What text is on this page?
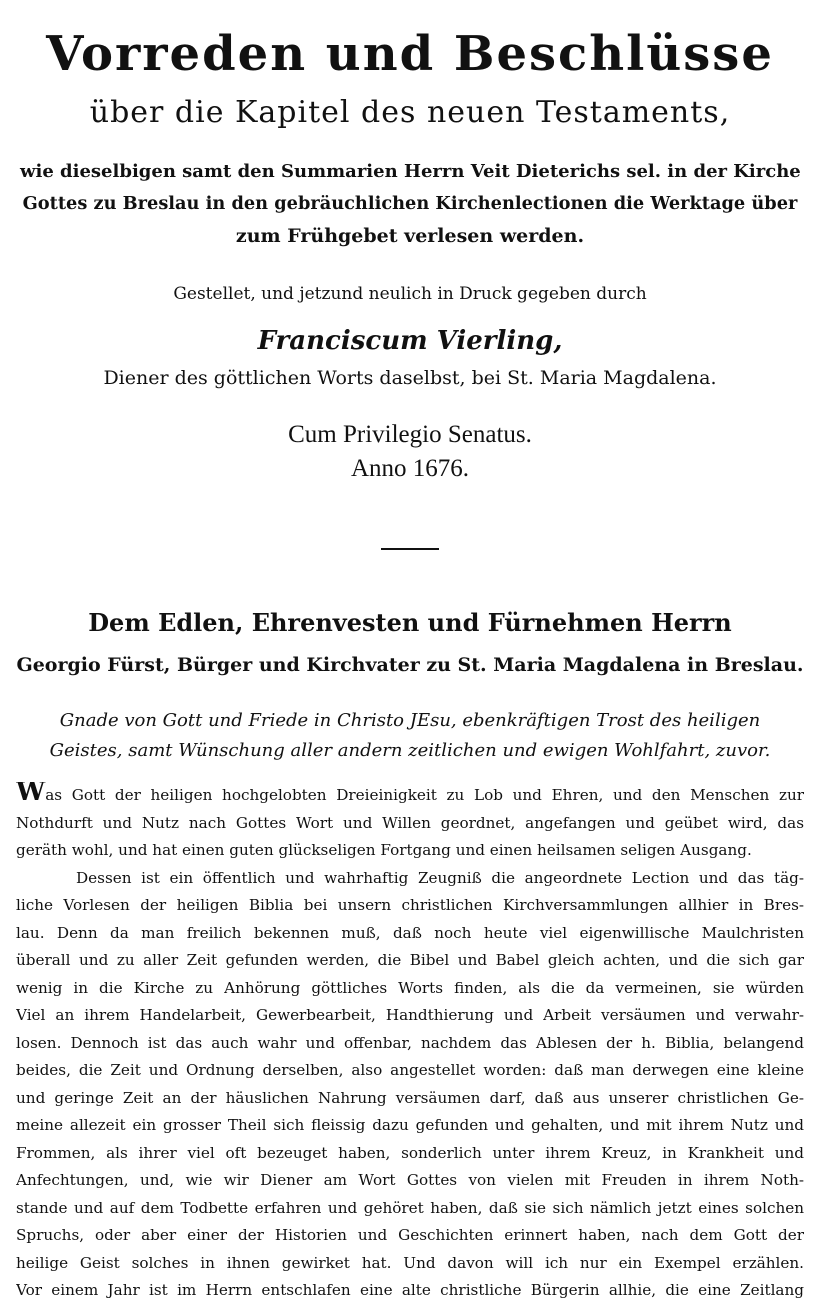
Vorreden und Beschlüsse
über die Kapitel des neuen Testaments,
wie dieselbigen samt den Summarien Herrn Veit Dieterichs sel. in der Kirche
Gottes zu Breslau in den gebräuchlichen Kirchenlectionen die Werktage über
zum Frühgebet verlesen werden.
Gestellet, und jetzund neulich in Druck gegeben durch
Franciscum Vierling,
Diener des göttlichen Worts daselbst, bei St. Maria Magdalena.
Cum Privilegio Senatus.
Anno 1676.
Dem Edlen, Ehrenvesten und Fürnehmen Herrn
Georgio Fürst, Bürger und Kirchvater zu St. Maria Magdalena in Breslau.
Gnade von Gott und Friede in Christo JEsu, ebenkräftigen Trost des heiligen
Geistes, samt Wünschung aller andern zeitlichen und ewigen Wohlfahrt, zuvor.
Was Gott der heiligen hochgelobten Dreieinigkeit zu Lob und Ehren, und den Menschen zur
Nothdurft und Nutz nach Gottes Wort und Willen geordnet, angefangen und geübet wird, das
geräth wohl, und hat einen guten glückseligen Fortgang und einen heilsamen seligen Ausgang.
Dessen ist ein öffentlich und wahrhaftig Zeugniß die angeordnete Lection und das täg-
liche Vorlesen der heiligen Biblia bei unsern christlichen Kirchversammlungen allhier in Bres-
lau. Denn da man freilich bekennen muß, daß noch heute viel eigenwillische Maulchristen
überall und zu aller Zeit gefunden werden, die Bibel und Babel gleich achten, und die sich gar
wenig in die Kirche zu Anhörung göttliches Worts finden, als die da vermeinen, sie würden
Viel an ihrem Handelarbeit, Gewerbearbeit, Handthierung und Arbeit versäumen und verwahr-
losen. Dennoch ist das auch wahr und offenbar, nachdem das Ablesen der h. Biblia, belangend
beides, die Zeit und Ordnung derselben, also angestellet worden: daß man derwegen eine kleine
und geringe Zeit an der häuslichen Nahrung versäumen darf, daß aus unserer christlichen Ge-
meine allezeit ein grosser Theil sich fleissig dazu gefunden und gehalten, und mit ihrem Nutz und
Frommen, als ihrer viel oft bezeuget haben, sonderlich unter ihrem Kreuz, in Krankheit und
Anfechtungen, und, wie wir Diener am Wort Gottes von vielen mit Freuden in ihrem Noth-
stande und auf dem Todbette erfahren und gehöret haben, daß sie sich nämlich jetzt eines solchen
Spruchs, oder aber einer der Historien und Geschichten erinnert haben, nach dem Gott der
heilige Geist solches in ihnen gewirket hat. Und davon will ich nur ein Exempel erzählen.
Vor einem Jahr ist im Herrn entschlafen eine alte christliche Bürgerin allhie, die eine Zeitlang
